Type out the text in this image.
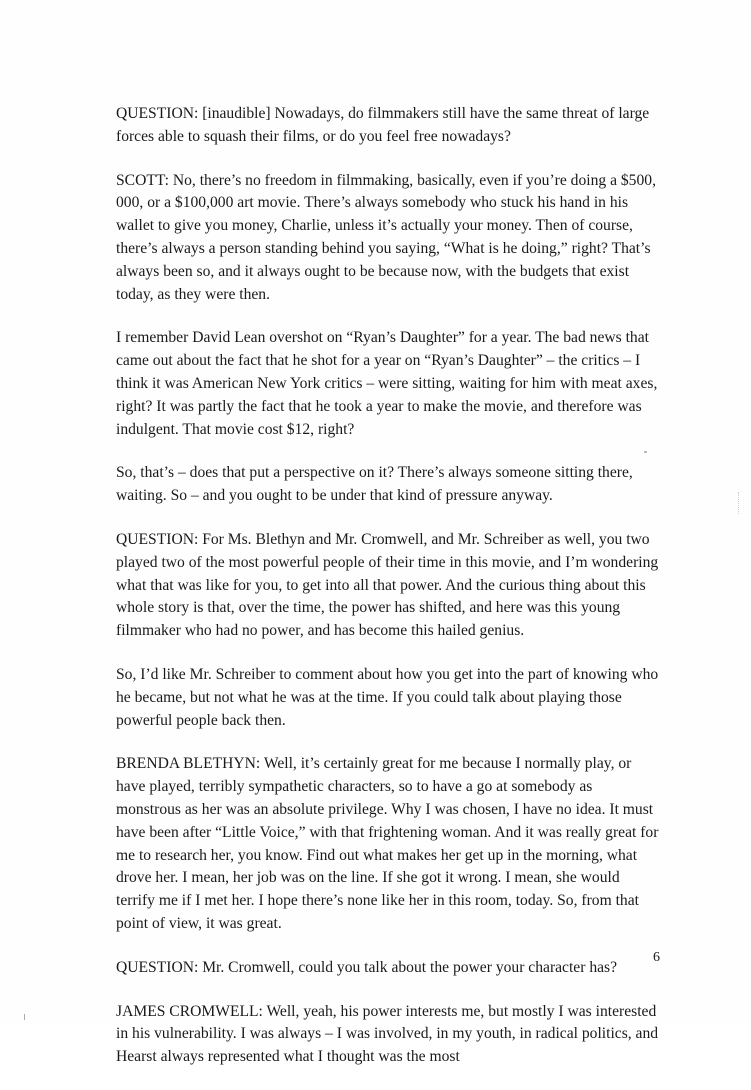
QUESTION: [inaudible] Nowadays, do filmmakers still have the same threat of large forces able to squash their films, or do you feel free nowadays?

SCOTT: No, there’s no freedom in filmmaking, basically, even if you’re doing a $500, 000, or a $100,000 art movie. There’s always somebody who stuck his hand in his wallet to give you money, Charlie, unless it’s actually your money. Then of course, there’s always a person standing behind you saying, “What is he doing,” right? That’s always been so, and it always ought to be because now, with the budgets that exist today, as they were then.

I remember David Lean overshot on “Ryan’s Daughter” for a year. The bad news that came out about the fact that he shot for a year on “Ryan’s Daughter” – the critics – I think it was American New York critics – were sitting, waiting for him with meat axes, right? It was partly the fact that he took a year to make the movie, and therefore was indulgent. That movie cost $12, right?

So, that’s – does that put a perspective on it? There’s always someone sitting there, waiting. So – and you ought to be under that kind of pressure anyway.

QUESTION: For Ms. Blethyn and Mr. Cromwell, and Mr. Schreiber as well, you two played two of the most powerful people of their time in this movie, and I’m wondering what that was like for you, to get into all that power. And the curious thing about this whole story is that, over the time, the power has shifted, and here was this young filmmaker who had no power, and has become this hailed genius.

So, I’d like Mr. Schreiber to comment about how you get into the part of knowing who he became, but not what he was at the time. If you could talk about playing those powerful people back then.

BRENDA BLETHYN: Well, it’s certainly great for me because I normally play, or have played, terribly sympathetic characters, so to have a go at somebody as monstrous as her was an absolute privilege. Why I was chosen, I have no idea. It must have been after “Little Voice,” with that frightening woman. And it was really great for me to research her, you know. Find out what makes her get up in the morning, what drove her. I mean, her job was on the line. If she got it wrong. I mean, she would terrify me if I met her. I hope there’s none like her in this room, today. So, from that point of view, it was great.

QUESTION: Mr. Cromwell, could you talk about the power your character has?

JAMES CROMWELL: Well, yeah, his power interests me, but mostly I was interested in his vulnerability. I was always – I was involved, in my youth, in radical politics, and Hearst always represented what I thought was the most

6
